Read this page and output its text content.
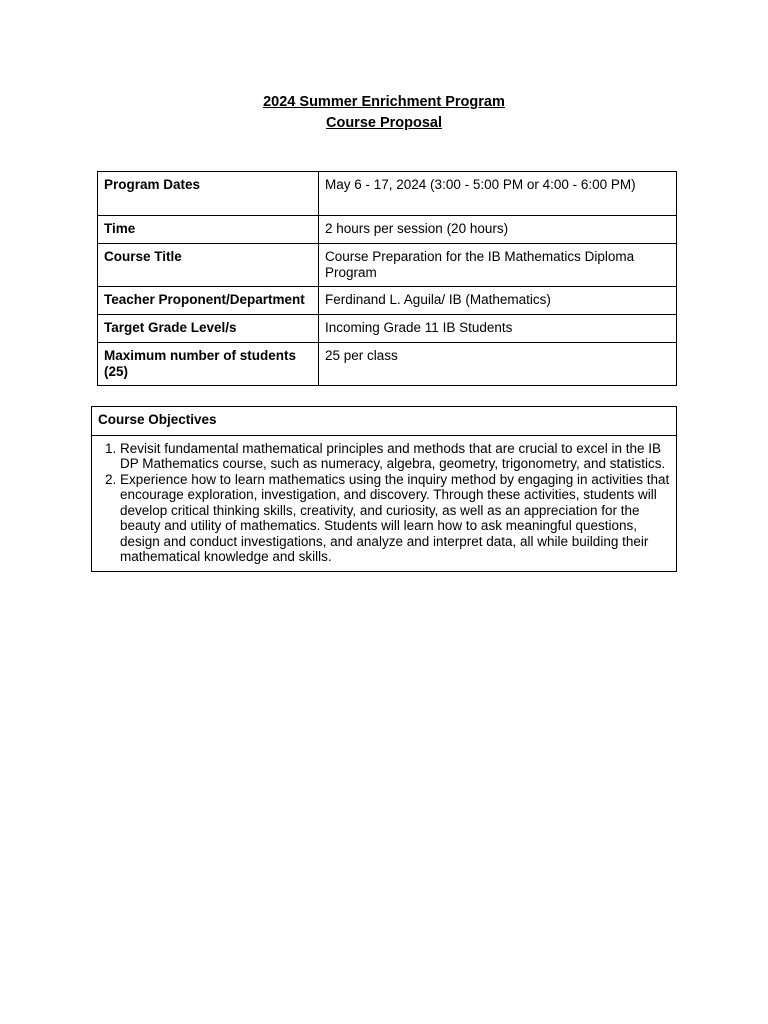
2024 Summer Enrichment Program
Course Proposal
Program Dates	May 6 - 17, 2024 (3:00 - 5:00 PM or 4:00 - 6:00 PM)
Time	2 hours per session (20 hours)
Course Title	Course Preparation for the IB Mathematics Diploma Program
Teacher Proponent/Department	Ferdinand L. Aguila/ IB (Mathematics)
Target Grade Level/s	Incoming Grade 11 IB Students
Maximum number of students (25)	25 per class
Course Objectives

1. Revisit fundamental mathematical principles and methods that are crucial to excel in the IB DP Mathematics course, such as numeracy, algebra, geometry, trigonometry, and statistics.
2. Experience how to learn mathematics using the inquiry method by engaging in activities that encourage exploration, investigation, and discovery. Through these activities, students will develop critical thinking skills, creativity, and curiosity, as well as an appreciation for the beauty and utility of mathematics. Students will learn how to ask meaningful questions, design and conduct investigations, and analyze and interpret data, all while building their mathematical knowledge and skills.
